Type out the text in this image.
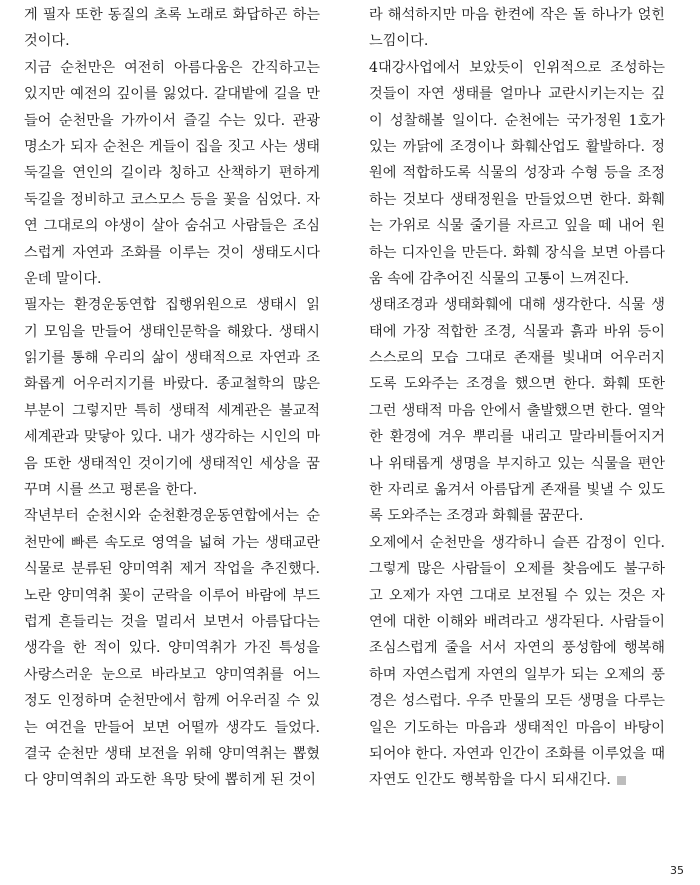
게 필자 또한 동질의 초록 노래로 화답하곤 하는
것이다.
지금 순천만은 여전히 아름다움은 간직하고는
있지만 예전의 깊이를 잃었다. 갈대밭에 길을 만
들어 순천만을 가까이서 즐길 수는 있다. 관광
명소가 되자 순천은 게들이 집을 짓고 사는 생태
둑길을 연인의 길이라 칭하고 산책하기 편하게
둑길을 정비하고 코스모스 등을 꽃을 심었다. 자
연 그대로의 야생이 살아 숨쉬고 사람들은 조심
스럽게 자연과 조화를 이루는 것이 생태도시다
운데 말이다.
필자는 환경운동연합 집행위원으로 생태시 읽
기 모임을 만들어 생태인문학을 해왔다. 생태시
읽기를 통해 우리의 삶이 생태적으로 자연과 조
화롭게 어우러지기를 바랐다. 종교철학의 많은
부분이 그렇지만 특히 생태적 세계관은 불교적
세계관과 맞닿아 있다. 내가 생각하는 시인의 마
음 또한 생태적인 것이기에 생태적인 세상을 꿈
꾸며 시를 쓰고 평론을 한다.
작년부터 순천시와 순천환경운동연합에서는 순
천만에 빠른 속도로 영역을 넓혀 가는 생태교란
식물로 분류된 양미역취 제거 작업을 추진했다.
노란 양미역취 꽃이 군락을 이루어 바람에 부드
럽게 흔들리는 것을 멀리서 보면서 아름답다는
생각을 한 적이 있다. 양미역취가 가진 특성을
사랑스러운 눈으로 바라보고 양미역취를 어느
정도 인정하며 순천만에서 함께 어우러질 수 있
는 여건을 만들어 보면 어떨까 생각도 들었다.
결국 순천만 생태 보전을 위해 양미역취는 뽑혔
다 양미역취의 과도한 욕망 탓에 뽑히게 된 것이
라 해석하지만 마음 한켠에 작은 돌 하나가 얹힌
느낌이다.
4대강사업에서 보았듯이 인위적으로 조성하는
것들이 자연 생태를 얼마나 교란시키는지는 깊
이 성찰해볼 일이다. 순천에는 국가정원 1호가
있는 까닭에 조경이나 화훼산업도 활발하다. 정
원에 적합하도록 식물의 성장과 수형 등을 조정
하는 것보다 생태정원을 만들었으면 한다. 화훼
는 가위로 식물 줄기를 자르고 잎을 떼 내어 원
하는 디자인을 만든다. 화훼 장식을 보면 아름다
움 속에 감추어진 식물의 고통이 느껴진다.
생태조경과 생태화훼에 대해 생각한다. 식물 생
태에 가장 적합한 조경, 식물과 흙과 바위 등이
스스로의 모습 그대로 존재를 빛내며 어우러지
도록 도와주는 조경을 했으면 한다. 화훼 또한
그런 생태적 마음 안에서 출발했으면 한다. 열악
한 환경에 겨우 뿌리를 내리고 말라비틀어지거
나 위태롭게 생명을 부지하고 있는 식물을 편안
한 자리로 옮겨서 아름답게 존재를 빛낼 수 있도
록 도와주는 조경과 화훼를 꿈꾼다.
오제에서 순천만을 생각하니 슬픈 감정이 인다.
그렇게 많은 사람들이 오제를 찾음에도 불구하
고 오제가 자연 그대로 보전될 수 있는 것은 자
연에 대한 이해와 배려라고 생각된다. 사람들이
조심스럽게 줄을 서서 자연의 풍성함에 행복해
하며 자연스럽게 자연의 일부가 되는 오제의 풍
경은 성스럽다. 우주 만물의 모든 생명을 다루는
일은 기도하는 마음과 생태적인 마음이 바탕이
되어야 한다. 자연과 인간이 조화를 이루었을 때
자연도 인간도 행복함을 다시 되새긴다.
35
